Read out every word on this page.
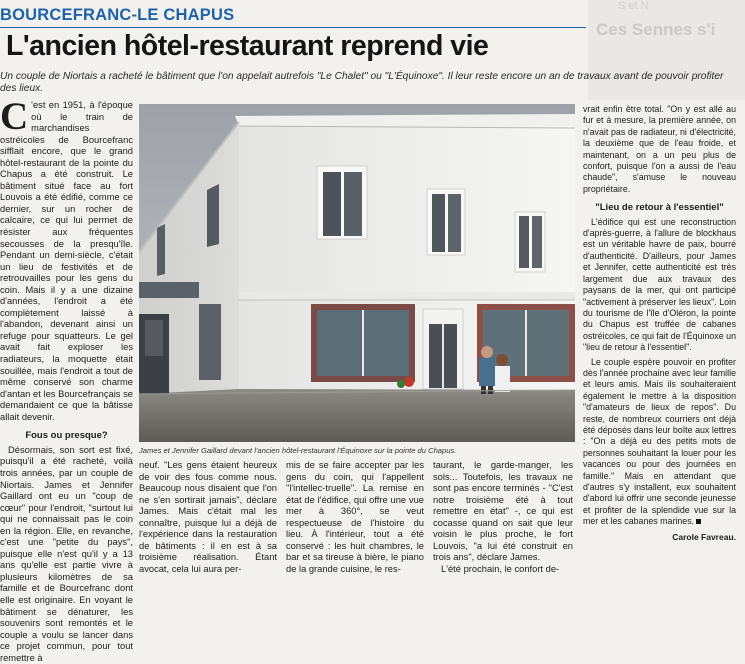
S et N
Ces Sennes s'i
BOURCEFRANC-LE CHAPUS
L'ancien hôtel-restaurant reprend vie
Un couple de Niortais a racheté le bâtiment que l'on appelait autrefois "Le Chalet" ou "L'Équinoxe". Il leur reste encore un an de travaux avant de pouvoir profiter des lieux.
C 'est en 1951, à l'époque où le train de marchandises ostréicoles de Bourcefranc sifflait encore, que le grand hôtel-restaurant de la pointe du Chapus a été construit. Le bâtiment situé face au fort Louvois a été édifié, comme ce dernier, sur un rocher de calcaire, ce qui lui permet de résister aux fréquentes secousses de la presqu'île. Pendant un demi-siècle, c'était un lieu de festivités et de retrouvailles pour les gens du coin. Mais il y a une dizaine d'années, l'endroit a été complètement laissé à l'abandon, devenant ainsi un refuge pour squatteurs. Le gel avait fait exploser les radiateurs, la moquette était souillée, mais l'endroit a tout de même conservé son charme d'antan et les Bourcefrançais se demandaient ce que la bâtisse allait devenir.

Fous ou presque?

Désormais, son sort est fixé, puisqu'il a été racheté, voilà trois années, par un couple de Niortais. James et Jennifer Gaillard ont eu un "coup de cœur" pour l'endroit, "surtout lui qui ne connaissait pas le coin en la région. Elle, en revanche, c'est une "petite du pays", puisque elle n'est qu'il y a 13 ans qu'elle est partie vivre à plusieurs kilomètres de sa famille et de Bourcefranc dont elle est originaire. En voyant le bâtiment se dénaturer, les souvenirs sont remontés et le couple a voulu se lancer dans ce projet commun, pour tout remettre à

James et Jennifer Gaillard devant l'ancien hôtel-restaurant l'Équinoxe sur la pointe du Chapus.

neuf. "Les gens étaient heureux de voir des fous comme nous. Beaucoup nous disaient que l'on ne s'en sortirait jamais", déclare James. Mais c'était mal les connaître, puisque lui a déjà de l'expérience dans la restauration de bâtiments : il en est à sa troisième réalisation. Étant avocat, cela lui aura per-

mis de se faire accepter par les gens du coin, qui l'appellent "l'intellec-truelle". La remise en état de l'édifice, qui offre une vue mer à 360°, se veut respectueuse de l'histoire du lieu. À l'intérieur, tout a été conservé : les huit chambres, le bar et sa tireuse à bière, le piano de la grande cuisine, le res-

taurant, le garde-manger, les sols... Toutefois, les travaux ne sont pas encore terminés - "C'est notre troisième été à tout remettre en état" -, ce qui est cocasse quand on sait que leur voisin le plus proche, le fort Louvois, "a lui été construit en trois ans", déclare James.

L'été prochain, le confort de-

vrait enfin être total. "On y est allé au fur et à mesure, la première année, on n'avait pas de radiateur, ni d'électricité, la deuxième que de l'eau froide, et maintenant, on a un peu plus de confort, puisque l'on a aussi de l'eau chaude", s'amuse le nouveau propriétaire.

"Lieu de retour à l'essentiel"

L'édifice qui est une reconstruction d'après-guerre, à l'allure de blockhaus est un véritable havre de paix, bourré d'authenticité. D'ailleurs, pour James et Jennifer, cette authenticité est très largement due aux travaux des paysans de la mer, qui ont participé "activement à préserver les lieux". Loin du tourisme de l'île d'Oléron, la pointe du Chapus est truffée de cabanes ostréicoles, ce qui fait de l'Équinoxe un "lieu de retour à l'essentiel".

Le couple espère pouvoir en profiter dès l'année prochaine avec leur famille et leurs amis. Mais ils souhaiteraient également le mettre à la disposition "d'amateurs de lieux de repos". Du reste, de nombreux courriers ont déjà été déposés dans leur boîte aux lettres : "On a déjà eu des petits mots de personnes souhaitant la louer pour les vacances ou pour des journées en famille." Mais en attendant que d'autres s'y installent, eux souhaitent d'abord lui offrir une seconde jeunesse et profiter de la splendide vue sur la mer et les cabanes marines.

Carole Favreau.
